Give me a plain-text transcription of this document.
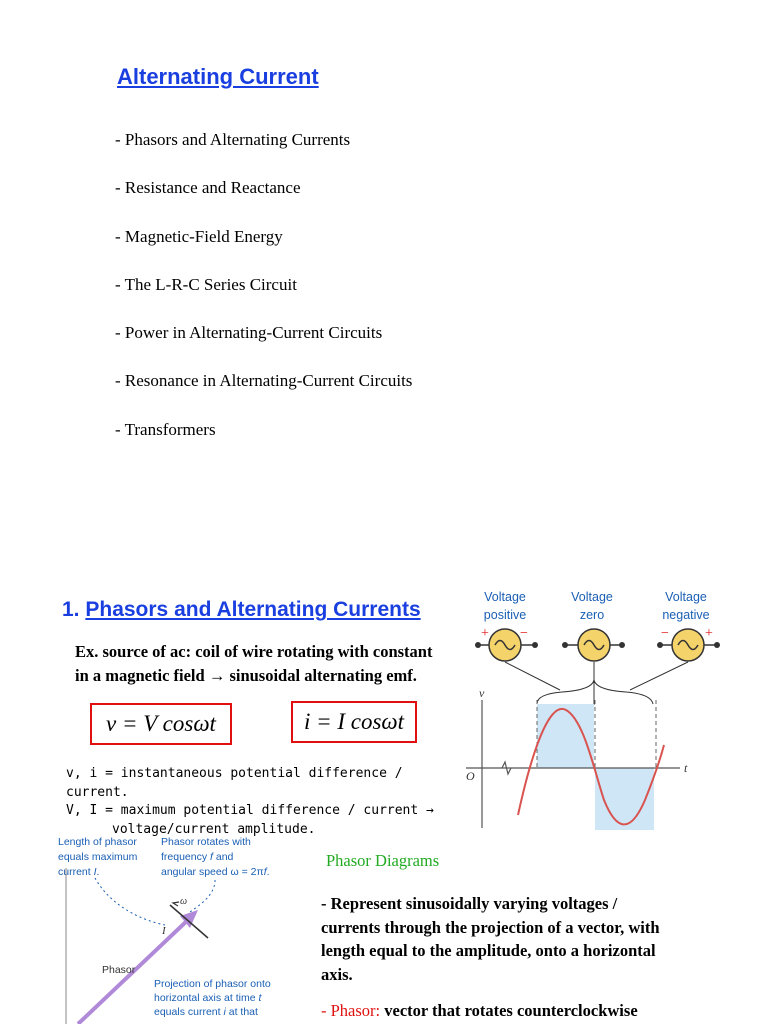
Alternating Current
- Phasors and Alternating Currents
- Resistance and Reactance
- Magnetic-Field Energy
- The L-R-C Series Circuit
- Power in Alternating-Current Circuits
- Resonance in Alternating-Current Circuits
- Transformers
1. Phasors and Alternating Currents
Ex. source of ac: coil of wire rotating with constant
in a magnetic field → sinusoidal alternating emf.
v = V cosωt	i = I cosωt
v, i = instantaneous potential difference / current.
V, I = maximum potential difference / current →
voltage/current amplitude.
Voltage
positive
Voltage
zero
Voltage
negative
+ −	−	+
v
t
O
Length of phasor equals maximum current I.
Phasor rotates with frequency f and angular speed ω = 2πf.
ω
I
Phasor
Projection of phasor onto horizontal axis at time t equals current i at that
Phasor Diagrams
- Represent sinusoidally varying voltages / currents through the projection of a vector, with length equal to the amplitude, onto a horizontal axis.
- Phasor: vector that rotates counterclockwise
